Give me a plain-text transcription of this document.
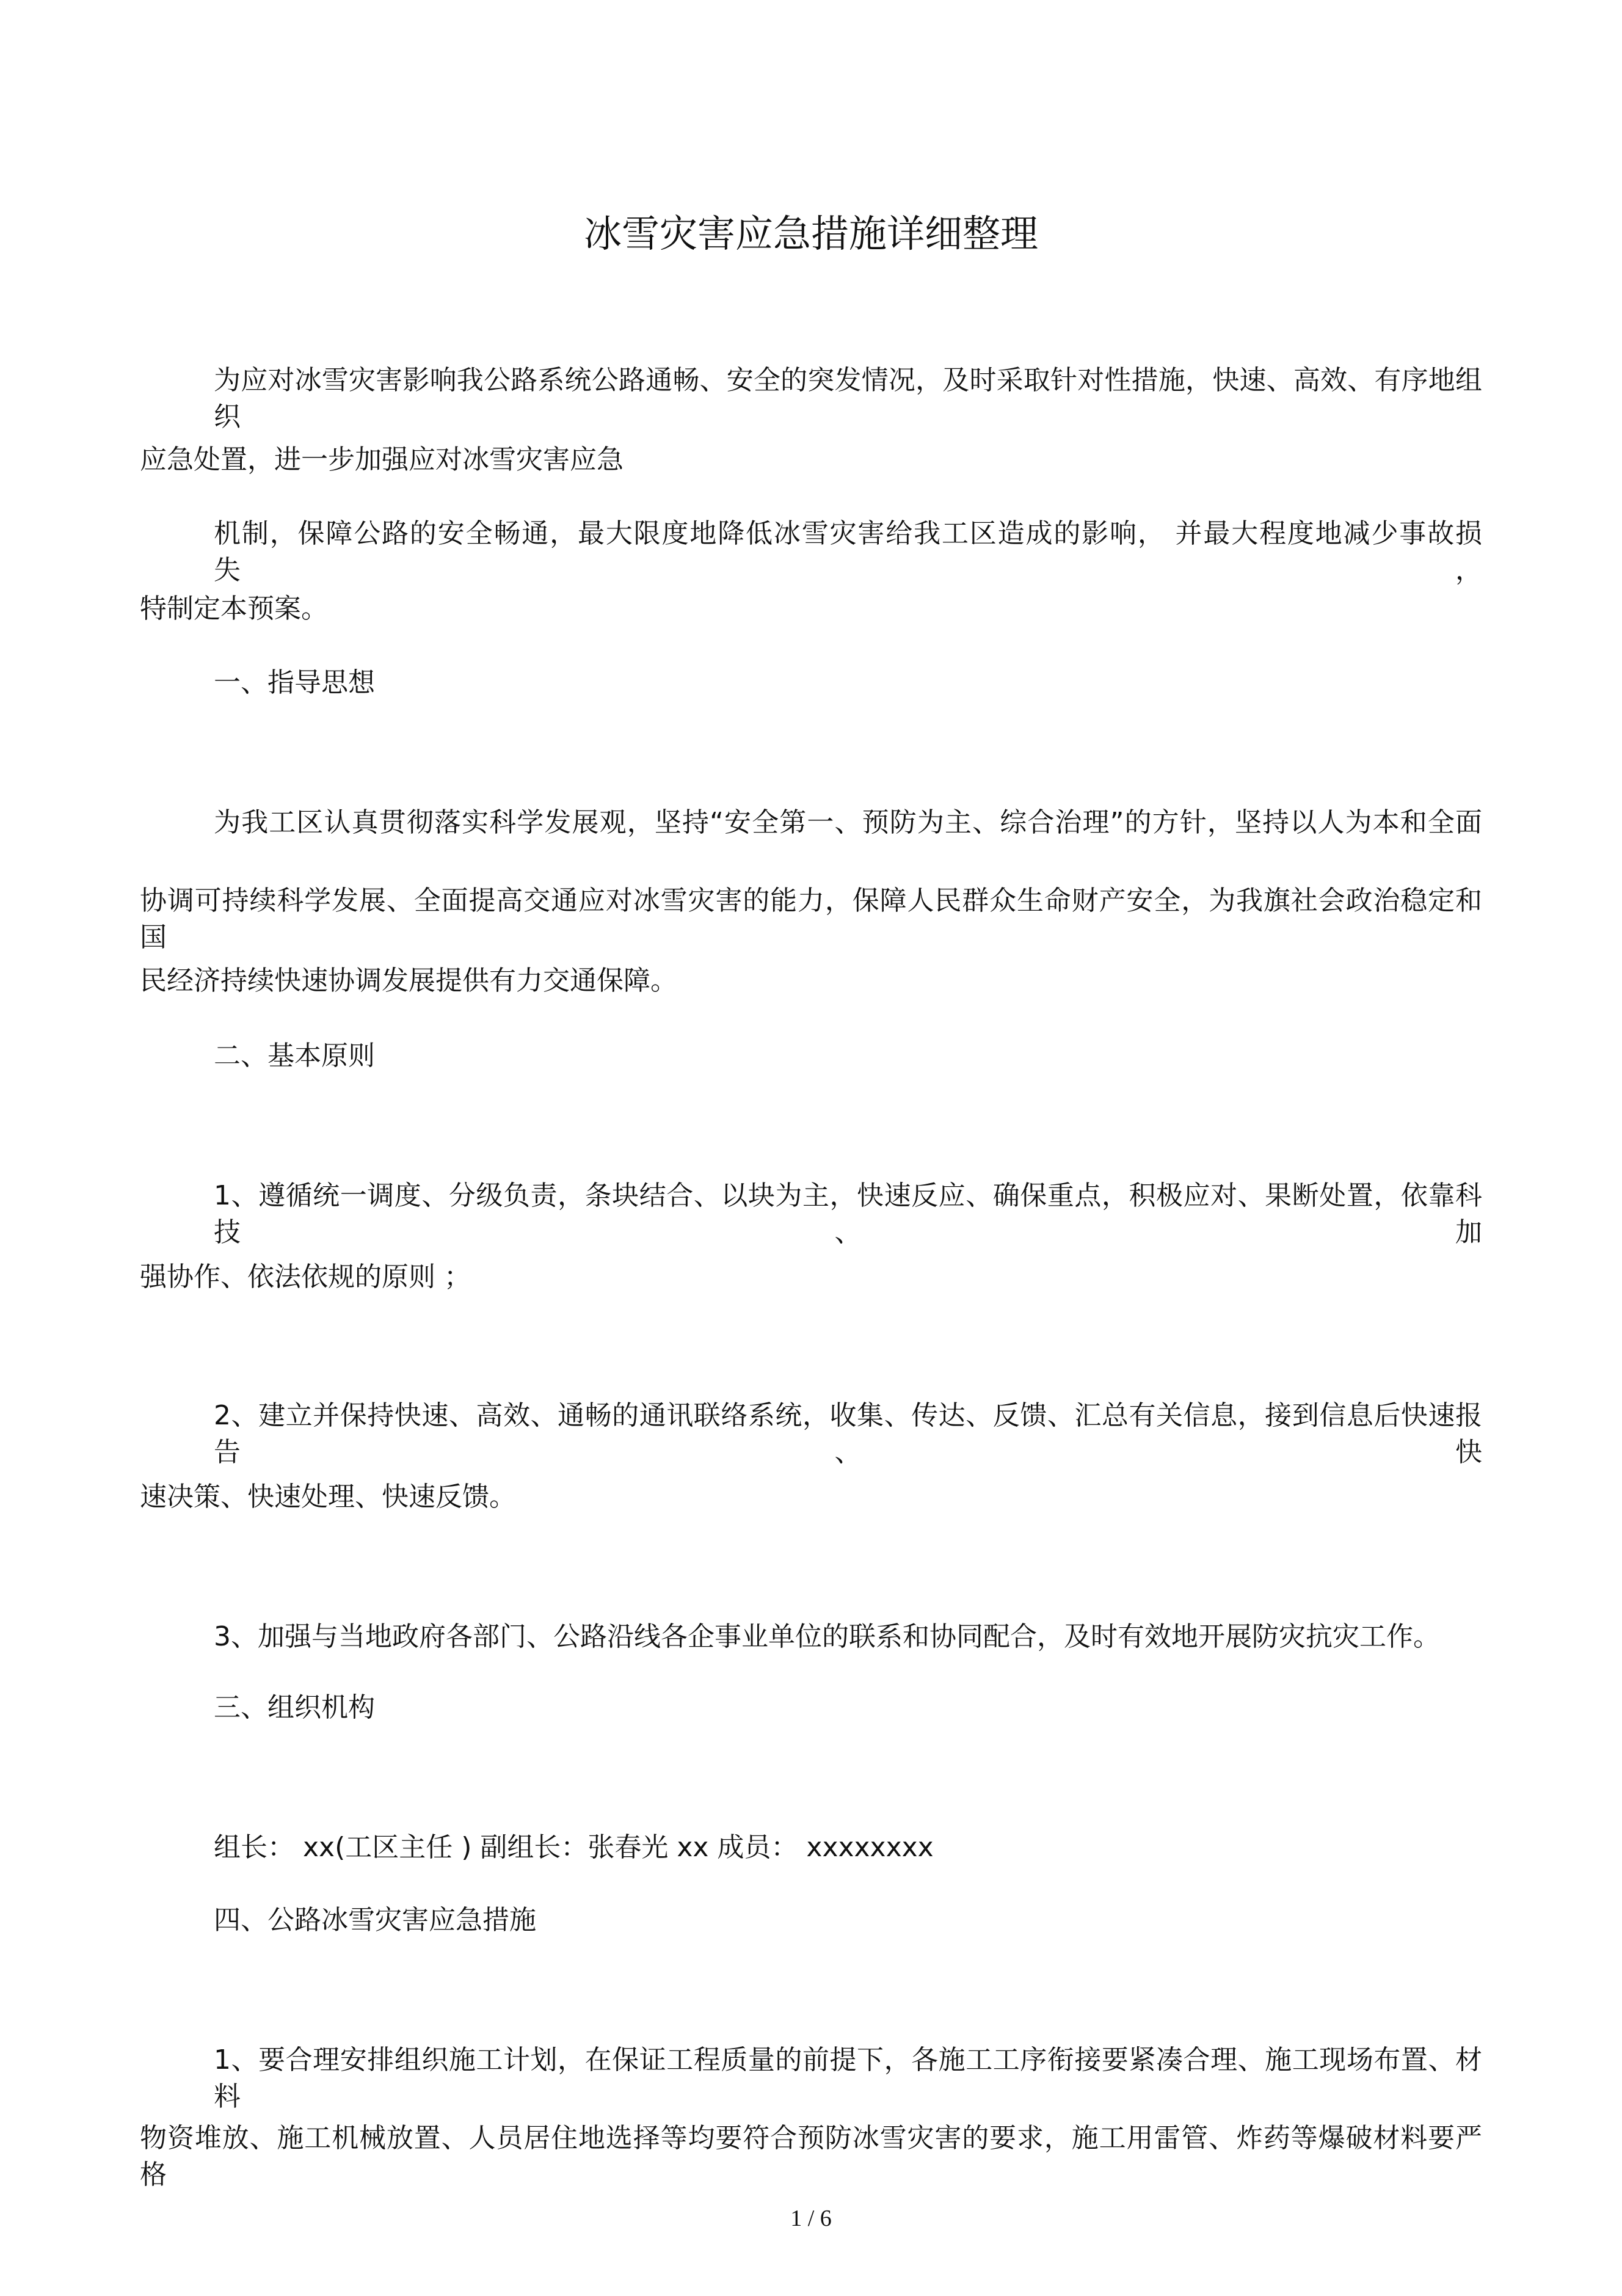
冰雪灾害应急措施详细整理
为应对冰雪灾害影响我公路系统公路通畅、安全的突发情况，及时采取针对性措施，快速、高效、有序地组织
应急处置，进一步加强应对冰雪灾害应急
机制，保障公路的安全畅通，最大限度地降低冰雪灾害给我工区造成的影响， 并最大程度地减少事故损失，
特制定本预案。
一、指导思想
为我工区认真贯彻落实科学发展观，坚持“安全第一、预防为主、综合治理”的方针，坚持以人为本和全面
协调可持续科学发展、全面提高交通应对冰雪灾害的能力，保障人民群众生命财产安全，为我旗社会政治稳定和国
民经济持续快速协调发展提供有力交通保障。
二、基本原则
1、遵循统一调度、分级负责，条块结合、以块为主，快速反应、确保重点，积极应对、果断处置，依靠科技、加
强协作、依法依规的原则 ；
2、建立并保持快速、高效、通畅的通讯联络系统，收集、传达、反馈、汇总有关信息，接到信息后快速报告、快
速决策、快速处理、快速反馈。
3、加强与当地政府各部门、公路沿线各企事业单位的联系和协同配合，及时有效地开展防灾抗灾工作。
三、组织机构
组长： xx(工区主任 ) 副组长：张春光 xx 成员： xxxxxxxx
四、公路冰雪灾害应急措施
1、要合理安排组织施工计划，在保证工程质量的前提下，各施工工序衔接要紧凑合理、施工现场布置、材料
物资堆放、施工机械放置、人员居住地选择等均要符合预防冰雪灾害的要求，施工用雷管、炸药等爆破材料要严格
1 / 6
